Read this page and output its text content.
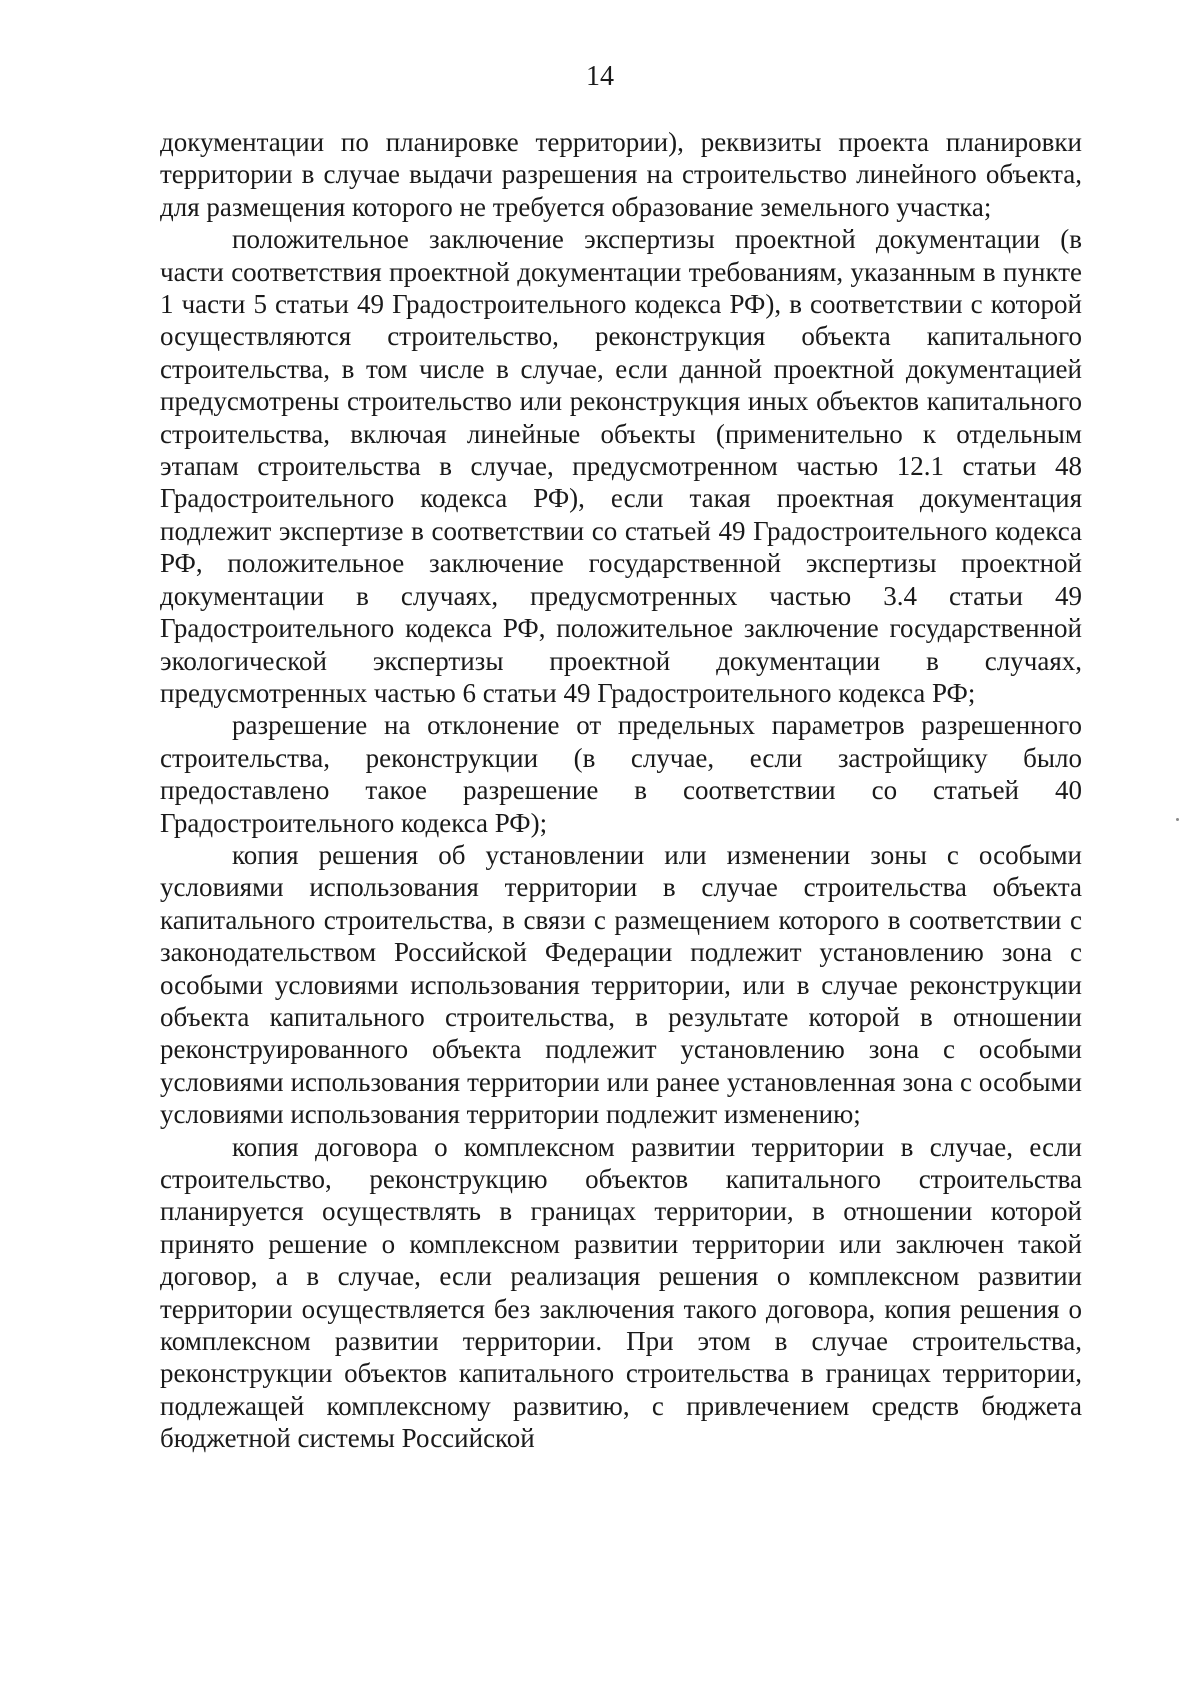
14

документации по планировке территории), реквизиты проекта планировки территории в случае выдачи разрешения на строительство линейного объекта, для размещения которого не требуется образование земельного участка;

положительное заключение экспертизы проектной документации (в части соответствия проектной документации требованиям, указанным в пункте 1 части 5 статьи 49 Градостроительного кодекса РФ), в соответствии с которой осуществляются строительство, реконструкция объекта капитального строительства, в том числе в случае, если данной проектной документацией предусмотрены строительство или реконструкция иных объектов капитального строительства, включая линейные объекты (применительно к отдельным этапам строительства в случае, предусмотренном частью 12.1 статьи 48 Градостроительного кодекса РФ), если такая проектная документация подлежит экспертизе в соответствии со статьей 49 Градостроительного кодекса РФ, положительное заключение государственной экспертизы проектной документации в случаях, предусмотренных частью 3.4 статьи 49 Градостроительного кодекса РФ, положительное заключение государственной экологической экспертизы проектной документации в случаях, предусмотренных частью 6 статьи 49 Градостроительного кодекса РФ;

разрешение на отклонение от предельных параметров разрешенного строительства, реконструкции (в случае, если застройщику было предоставлено такое разрешение в соответствии со статьей 40 Градостроительного кодекса РФ);

копия решения об установлении или изменении зоны с особыми условиями использования территории в случае строительства объекта капитального строительства, в связи с размещением которого в соответствии с законодательством Российской Федерации подлежит установлению зона с особыми условиями использования территории, или в случае реконструкции объекта капитального строительства, в результате которой в отношении реконструированного объекта подлежит установлению зона с особыми условиями использования территории или ранее установленная зона с особыми условиями использования территории подлежит изменению;

копия договора о комплексном развитии территории в случае, если строительство, реконструкцию объектов капитального строительства планируется осуществлять в границах территории, в отношении которой принято решение о комплексном развитии территории или заключен такой договор, а в случае, если реализация решения о комплексном развитии территории осуществляется без заключения такого договора, копия решения о комплексном развитии территории. При этом в случае строительства, реконструкции объектов капитального строительства в границах территории, подлежащей комплексному развитию, с привлечением средств бюджета бюджетной системы Российской
